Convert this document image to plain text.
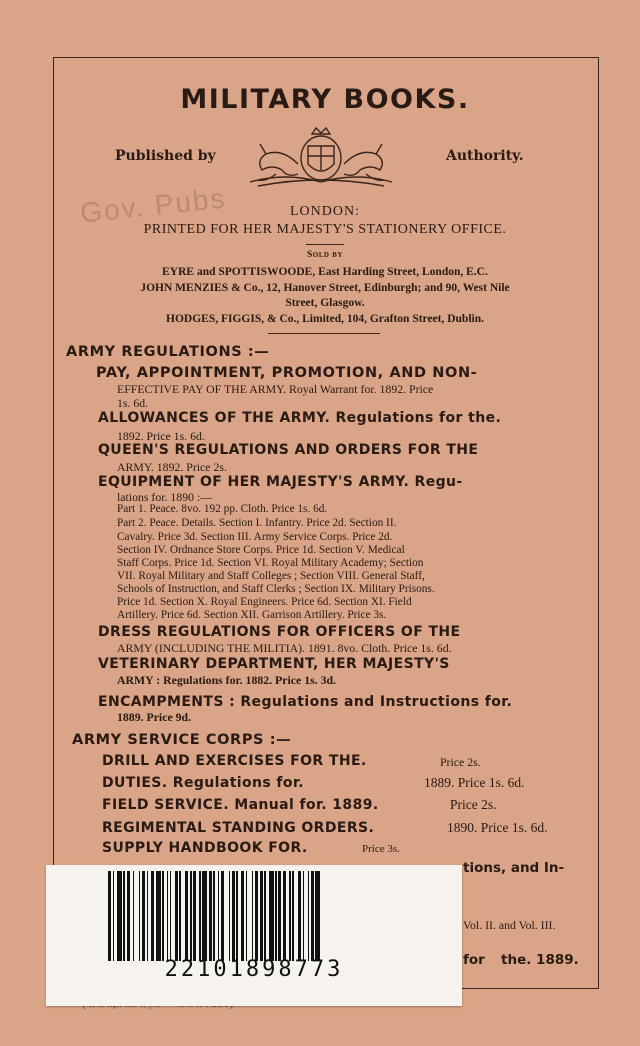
Gov. Pubs
MILITARY BOOKS.
Published by	Authority.
LONDON:
PRINTED FOR HER MAJESTY'S STATIONERY OFFICE.
Sold by
EYRE and SPOTTISWOODE, East Harding Street, London, E.C.
JOHN MENZIES & Co., 12, Hanover Street, Edinburgh; and 90, West Nile
Street, Glasgow.
HODGES, FIGGIS, & Co., Limited, 104, Grafton Street, Dublin.
ARMY REGULATIONS :—
PAY, APPOINTMENT, PROMOTION, AND NON-
EFFECTIVE PAY OF THE ARMY. Royal Warrant for. 1892. Price
1s. 6d.
ALLOWANCES OF THE ARMY. Regulations for the.
1892. Price 1s. 6d.
QUEEN'S REGULATIONS AND ORDERS FOR THE
ARMY. 1892. Price 2s.
EQUIPMENT OF HER MAJESTY'S ARMY. Regu-
lations for. 1890 :—
Part 1. Peace. 8vo. 192 pp. Cloth. Price 1s. 6d.
Part 2. Peace. Details. Section I. Infantry. Price 2d. Section II.
Cavalry. Price 3d. Section III. Army Service Corps. Price 2d.
Section IV. Ordnance Store Corps. Price 1d. Section V. Medical
Staff Corps. Price 1d. Section VI. Royal Military Academy; Section
VII. Royal Military and Staff Colleges ; Section VIII. General Staff,
Schools of Instruction, and Staff Clerks ; Section IX. Military Prisons.
Price 1d. Section X. Royal Engineers. Price 6d. Section XI. Field
Artillery. Price 6d. Section XII. Garrison Artillery. Price 3s.
DRESS REGULATIONS FOR OFFICERS OF THE
ARMY (INCLUDING THE MILITIA). 1891. 8vo. Cloth. Price 1s. 6d.
VETERINARY DEPARTMENT, HER MAJESTY'S
ARMY : Regulations for. 1882. Price 1s. 3d.
ENCAMPMENTS : Regulations and Instructions for.
1889. Price 9d.
ARMY SERVICE CORPS :—
DRILL AND EXERCISES FOR THE.	Price 2s.
DUTIES. Regulations for.	1889. Price 1s. 6d.
FIELD SERVICE. Manual for. 1889.	Price 2s.
REGIMENTAL STANDING ORDERS.	1890. Price 1s. 6d.
SUPPLY HANDBOOK FOR.	Price 3s.
tions, and In-
Vol. II. and Vol. III.
for the. 1889.
22101898773
